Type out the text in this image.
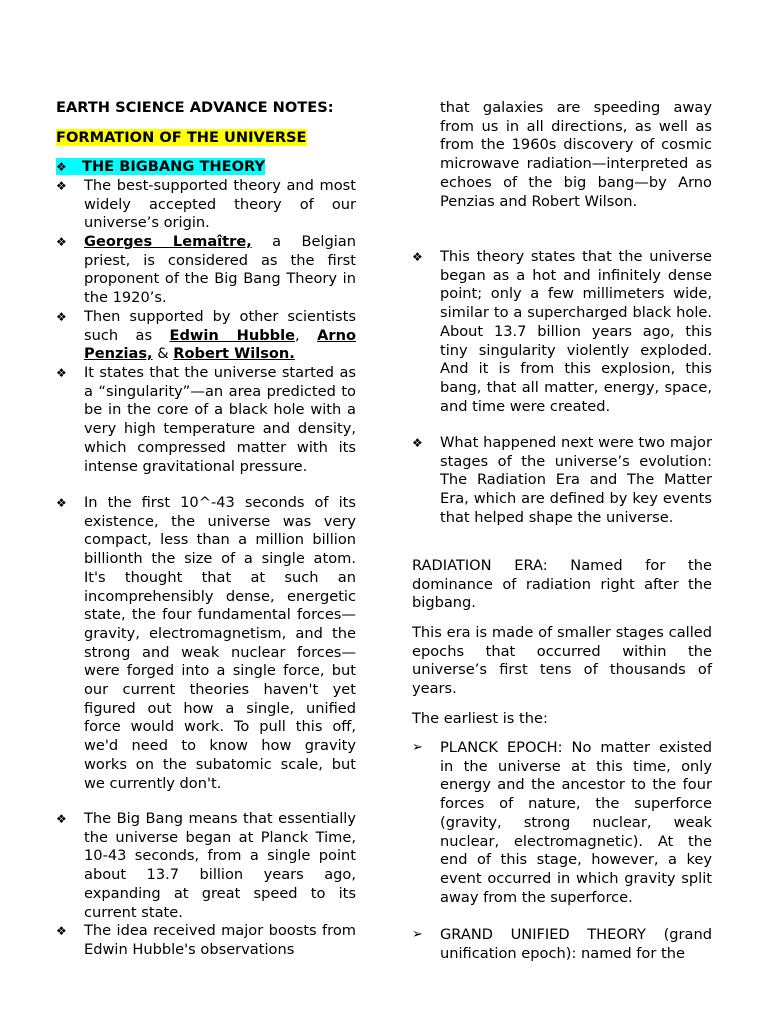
EARTH SCIENCE ADVANCE NOTES:
FORMATION OF THE UNIVERSE
❖ THE BIGBANG THEORY
❖	The best-supported theory and most widely accepted theory of our universe’s origin.
❖	Georges Lemaître, a Belgian priest, is considered as the first proponent of the Big Bang Theory in the 1920’s.
❖	Then supported by other scientists such as Edwin Hubble, Arno Penzias, & Robert Wilson.
❖	It states that the universe started as a “singularity”—an area predicted to be in the core of a black hole with a very high temperature and density, which compressed matter with its intense gravitational pressure.
❖	In the first 10^-43 seconds of its existence, the universe was very compact, less than a million billion billionth the size of a single atom. It's thought that at such an incomprehensibly dense, energetic state, the four fundamental forces—gravity, electromagnetism, and the strong and weak nuclear forces—were forged into a single force, but our current theories haven't yet figured out how a single, unified force would work. To pull this off, we'd need to know how gravity works on the subatomic scale, but we currently don't.
❖	The Big Bang means that essentially the universe began at Planck Time, 10-43 seconds, from a single point about 13.7 billion years ago, expanding at great speed to its current state.
❖	The idea received major boosts from Edwin Hubble's observations
that galaxies are speeding away from us in all directions, as well as from the 1960s discovery of cosmic microwave radiation—interpreted as echoes of the big bang—by Arno Penzias and Robert Wilson.
❖	This theory states that the universe began as a hot and infinitely dense point; only a few millimeters wide, similar to a supercharged black hole. About 13.7 billion years ago, this tiny singularity violently exploded. And it is from this explosion, this bang, that all matter, energy, space, and time were created.
❖	What happened next were two major stages of the universe’s evolution: The Radiation Era and The Matter Era, which are defined by key events that helped shape the universe.
RADIATION ERA: Named for the dominance of radiation right after the bigbang.
This era is made of smaller stages called epochs that occurred within the universe’s first tens of thousands of years.
The earliest is the:
➢	PLANCK EPOCH: No matter existed in the universe at this time, only energy and the ancestor to the four forces of nature, the superforce (gravity, strong nuclear, weak nuclear, electromagnetic). At the end of this stage, however, a key event occurred in which gravity split away from the superforce.
➢	GRAND UNIFIED THEORY (grand unification epoch): named for the
